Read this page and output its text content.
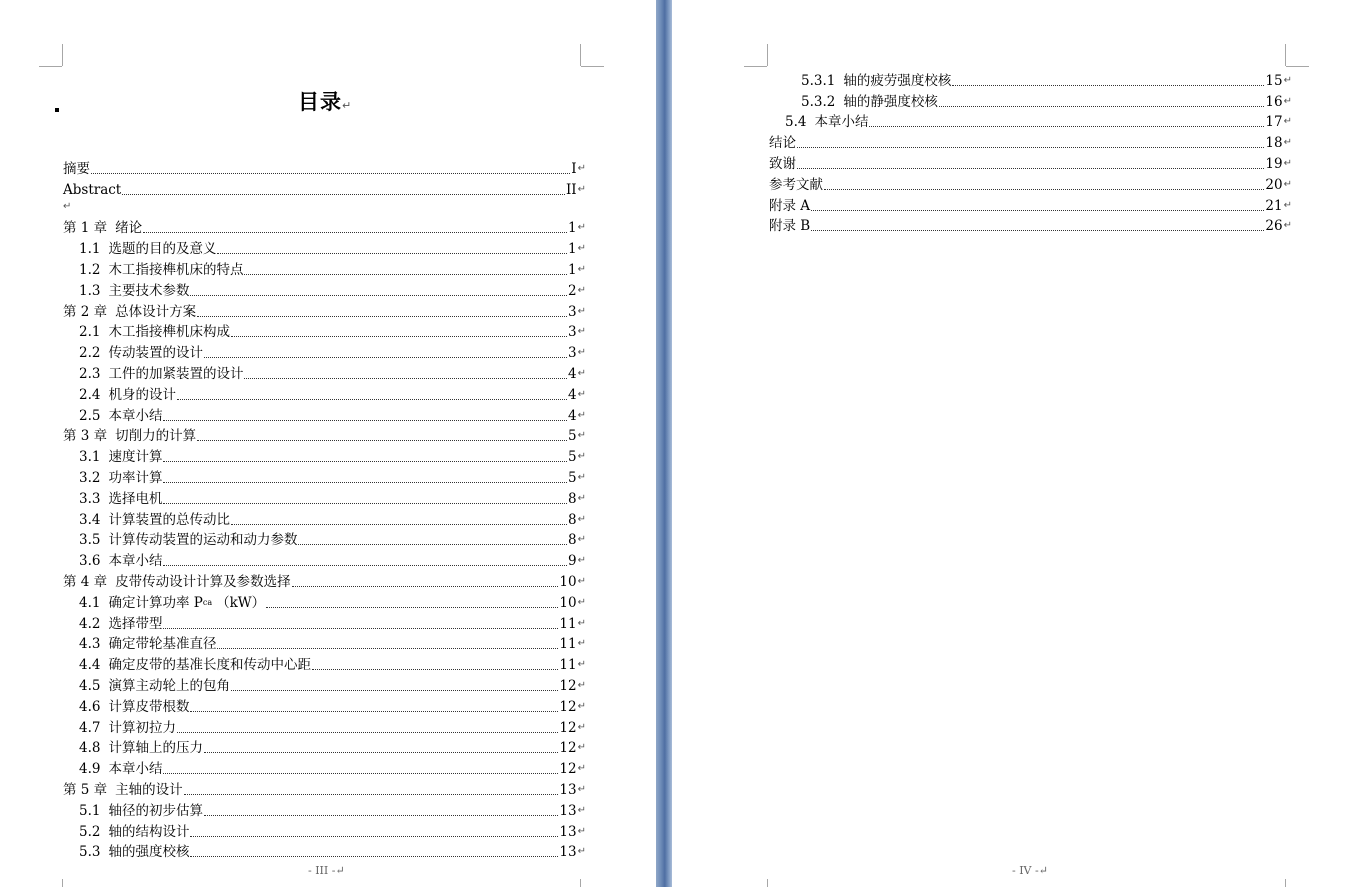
目录↵
摘要	I ↵
Abstract	II ↵
↵
第 1 章 绪论	1 ↵
1.1 选题的目的及意义	1 ↵
1.2 木工指接榫机床的特点	1 ↵
1.3 主要技术参数	2 ↵
第 2 章 总体设计方案	3 ↵
2.1 木工指接榫机床构成	3 ↵
2.2 传动装置的设计	3 ↵
2.3 工件的加紧装置的设计	4 ↵
2.4 机身的设计	4 ↵
2.5 本章小结	4 ↵
第 3 章 切削力的计算	5 ↵
3.1 速度计算	5 ↵
3.2 功率计算	5 ↵
3.3 选择电机	8 ↵
3.4 计算装置的总传动比	8 ↵
3.5 计算传动装置的运动和动力参数	8 ↵
3.6 本章小结	9 ↵
第 4 章 皮带传动设计计算及参数选择	10 ↵
4.1 确定计算功率 P ca （kW）	10 ↵
4.2 选择带型	11 ↵
4.3 确定带轮基准直径	11 ↵
4.4 确定皮带的基准长度和传动中心距	11 ↵
4.5 演算主动轮上的包角	12 ↵
4.6 计算皮带根数	12 ↵
4.7 计算初拉力	12 ↵
4.8 计算轴上的压力	12 ↵
4.9 本章小结	12 ↵
第 5 章 主轴的设计	13 ↵
5.1 轴径的初步估算	13 ↵
5.2 轴的结构设计	13 ↵
5.3 轴的强度校核	13 ↵
- III -↵
5.3.1 轴的疲劳强度校核	15 ↵
5.3.2 轴的静强度校核	16 ↵
5.4 本章小结	17 ↵
结论	18 ↵
致谢	19 ↵
参考文献	20 ↵
附录 A	21 ↵
附录 B	26 ↵
- IV -↵
